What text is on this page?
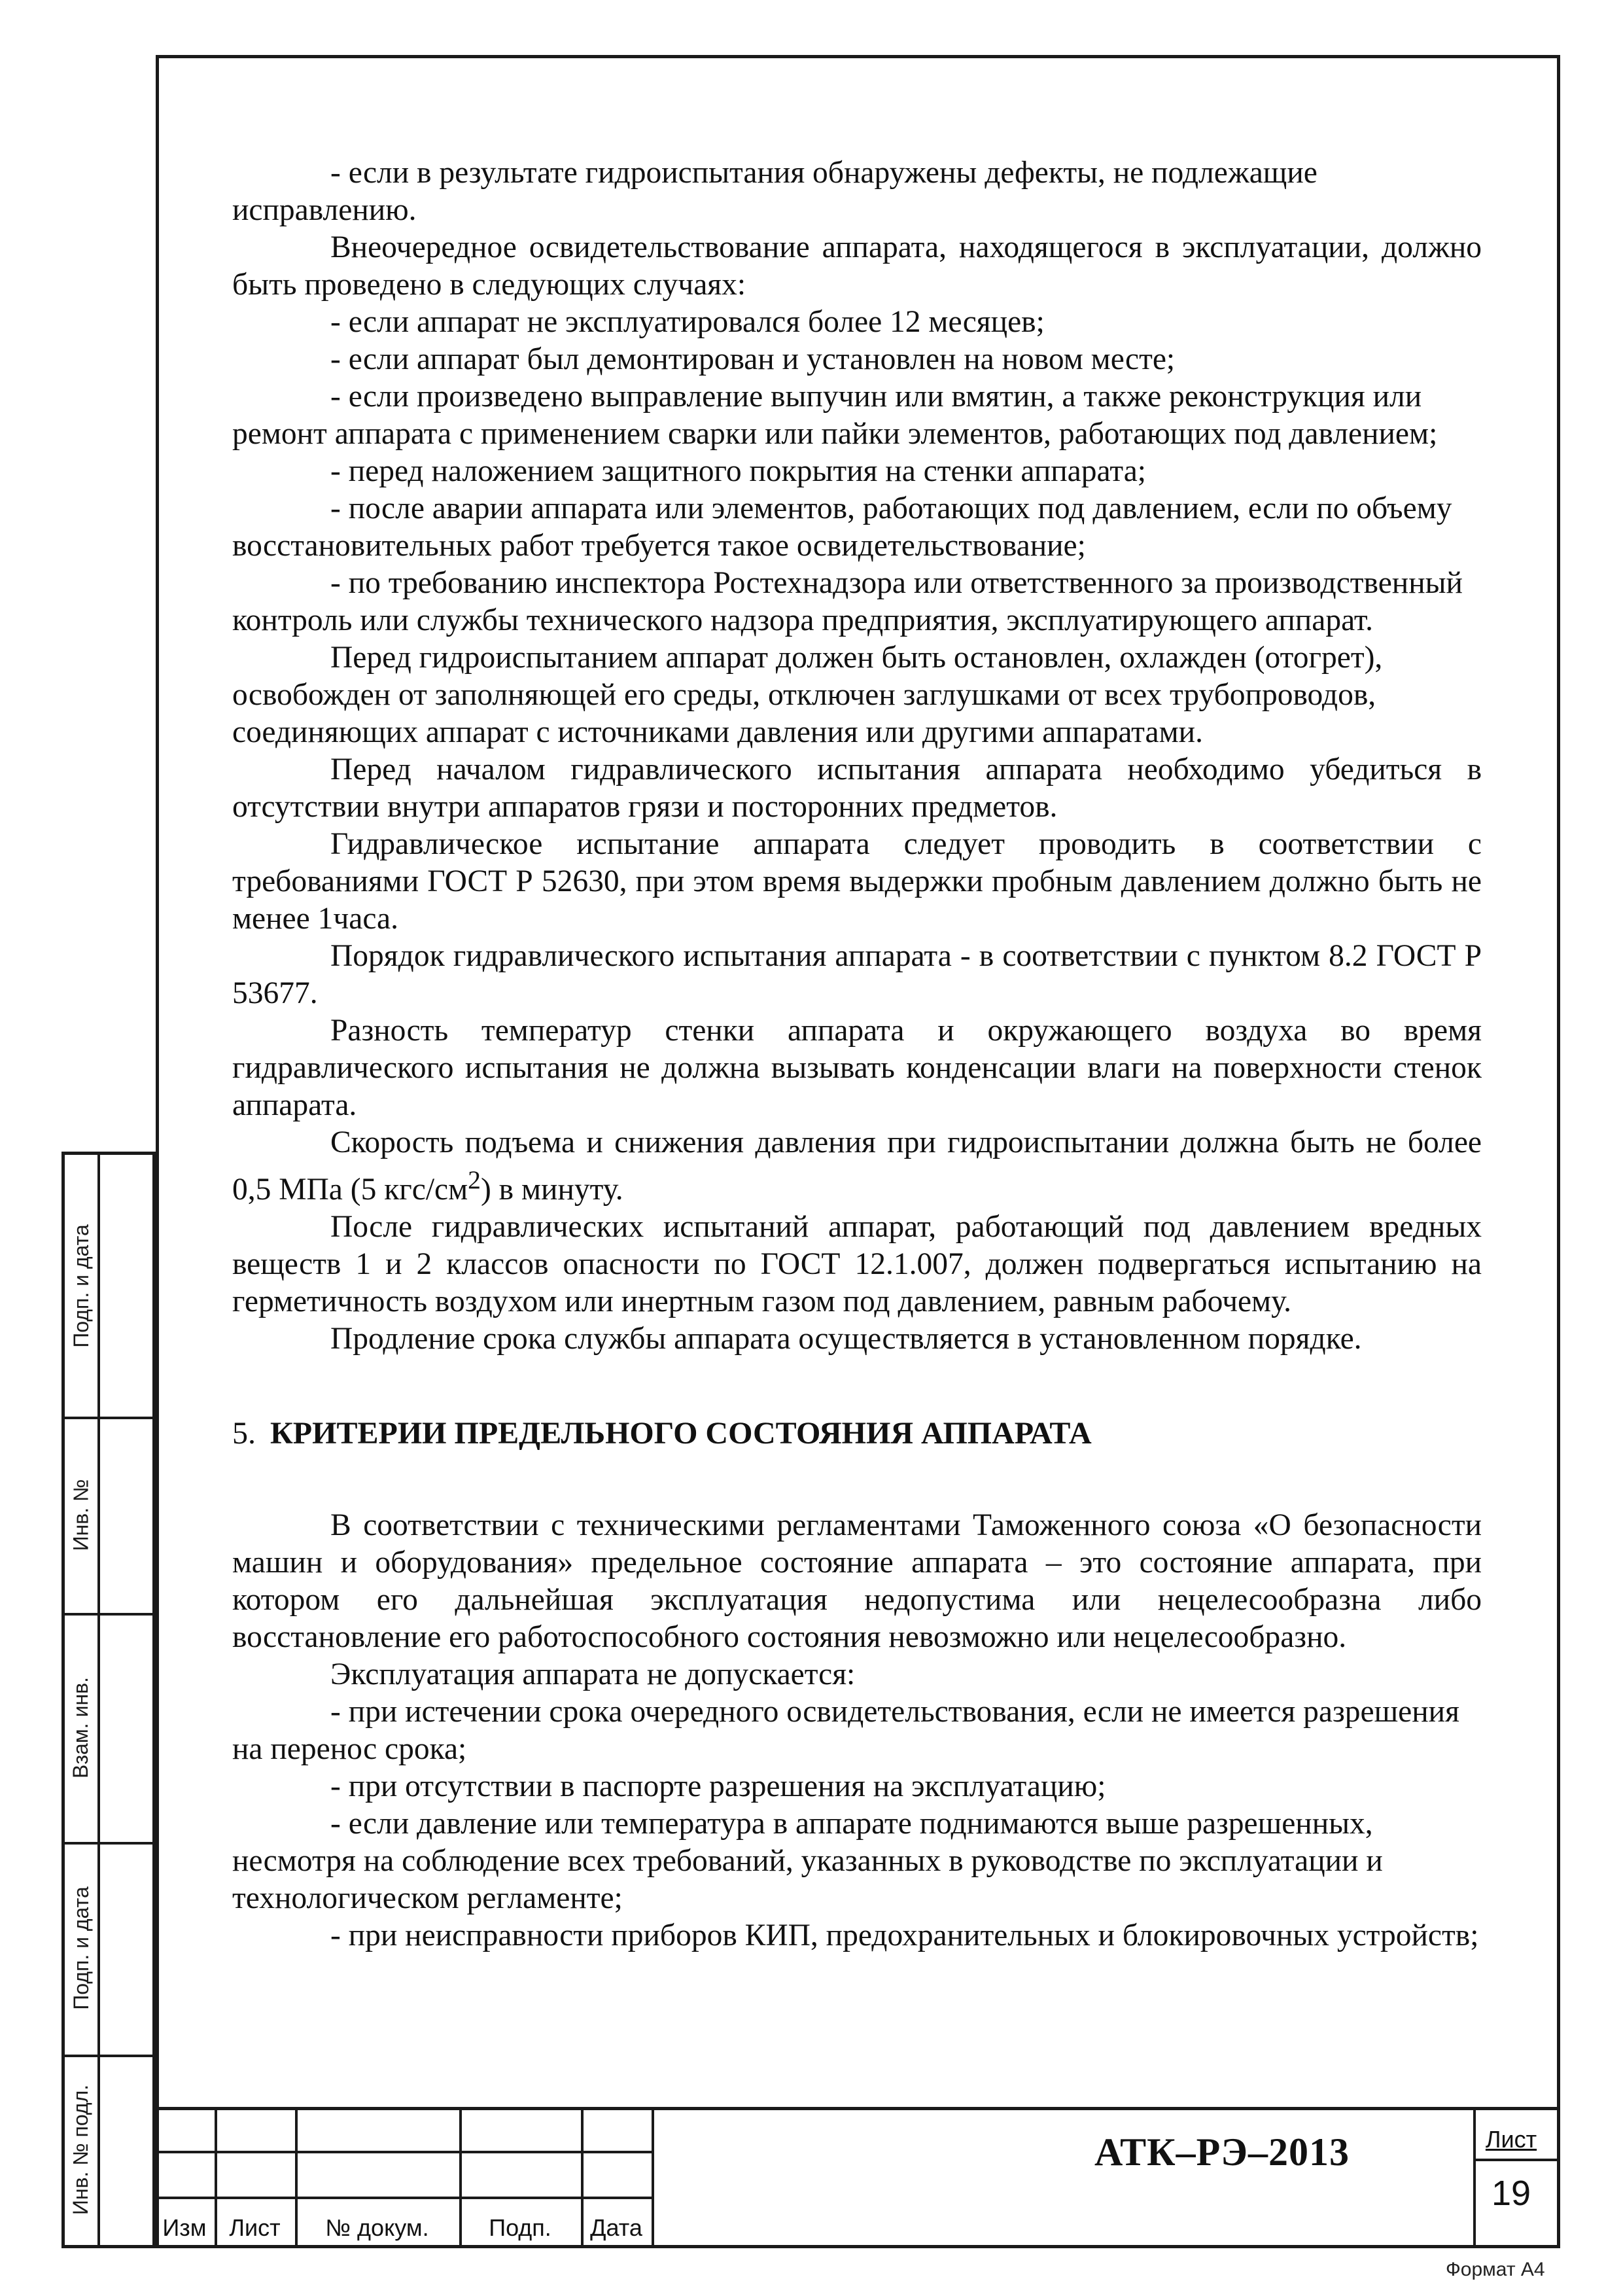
- если в результате гидроиспытания обнаружены дефекты, не подлежащие исправлению.

Внеочередное освидетельствование аппарата, находящегося в эксплуатации, должно быть проведено в следующих случаях:

- если аппарат не эксплуатировался более 12 месяцев;

- если аппарат был демонтирован и установлен на новом месте;

- если произведено выправление выпучин или вмятин, а также реконструкция или ремонт аппарата с применением сварки или пайки элементов, работающих под давлением;

- перед наложением защитного покрытия на стенки аппарата;

- после аварии аппарата или элементов, работающих под давлением, если по объему восстановительных работ требуется такое освидетельствование;

- по требованию инспектора Ростехнадзора или ответственного за производственный контроль или службы технического надзора предприятия, эксплуатирующего аппарат.

Перед гидроиспытанием аппарат должен быть остановлен, охлажден (отогрет), освобожден от заполняющей его среды, отключен заглушками от всех трубопроводов, соединяющих аппарат с источниками давления или другими аппаратами.

Перед началом гидравлического испытания аппарата необходимо убедиться в отсутствии внутри аппаратов грязи и посторонних предметов.

Гидравлическое испытание аппарата следует проводить в соответствии с требованиями ГОСТ Р 52630, при этом время выдержки пробным давлением должно быть не менее 1часа.

Порядок гидравлического испытания аппарата - в соответствии с пунктом 8.2 ГОСТ Р 53677.

Разность температур стенки аппарата и окружающего воздуха во время гидравлического испытания не должна вызывать конденсации влаги на поверхности стенок аппарата.

Скорость подъема и снижения давления при гидроиспытании должна быть не более 0,5 МПа (5 кгс/$см^2$) в минуту.

После гидравлических испытаний аппарат, работающий под давлением вредных веществ 1 и 2 классов опасности по ГОСТ 12.1.007, должен подвергаться испытанию на герметичность воздухом или инертным газом под давлением, равным рабочему.

Продление срока службы аппарата осуществляется в установленном порядке.

5. КРИТЕРИИ ПРЕДЕЛЬНОГО СОСТОЯНИЯ АППАРАТА

В соответствии с техническими регламентами Таможенного союза «О безопасности машин и оборудования» предельное состояние аппарата – это состояние аппарата, при котором его дальнейшая эксплуатация недопустима или нецелесообразна либо восстановление его работоспособного состояния невозможно или нецелесообразно.

Эксплуатация аппарата не допускается:

- при истечении срока очередного освидетельствования, если не имеется разрешения на перенос срока;

- при отсутствии в паспорте разрешения на эксплуатацию;

- если давление или температура в аппарате поднимаются выше разрешенных, несмотря на соблюдение всех требований, указанных в руководстве по эксплуатации и технологическом регламенте;

- при неисправности приборов КИП, предохранительных и блокировочных устройств;

Подп. и дата
Инв. №
Взам. инв.
Подп. и дата
Инв. № подл.
Изм Лист	№ докум.	Подп.	Дата
АТК–РЭ–2013	Лист
19
Формат А4
